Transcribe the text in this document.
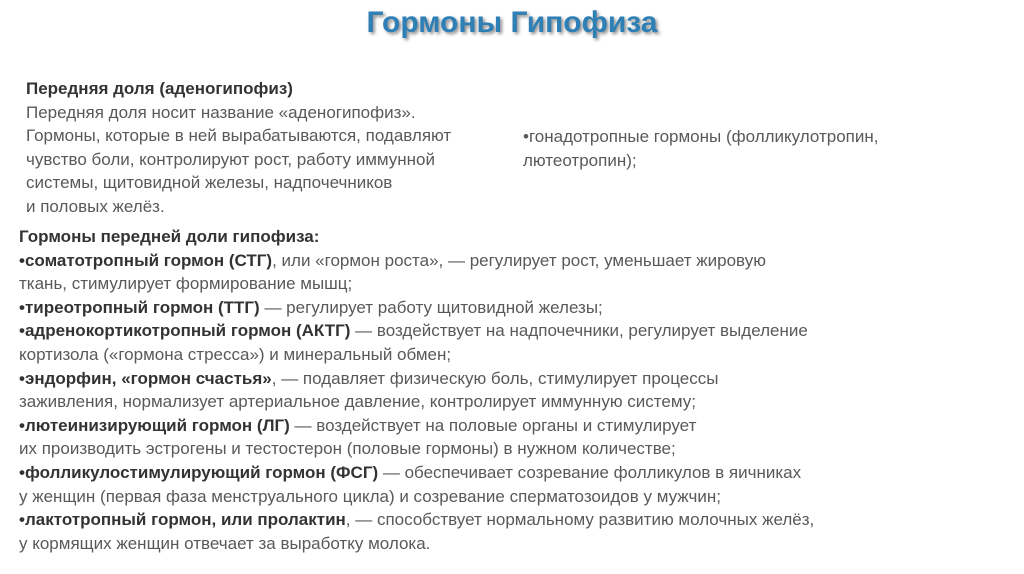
Гормоны Гипофиза
Передняя доля (аденогипофиз)
Передняя доля носит название «аденогипофиз».
Гормоны, которые в ней вырабатываются, подавляют
чувство боли, контролируют рост, работу иммунной
системы, щитовидной железы, надпочечников
и половых желёз.
•гонадотропные гормоны (фолликулотропин,
лютеотропин);
Гормоны передней доли гипофиза:
•соматотропный гормон (СТГ), или «гормон роста», — регулирует рост, уменьшает жировую
ткань, стимулирует формирование мышц;
•тиреотропный гормон (ТТГ) — регулирует работу щитовидной железы;
•адренокортикотропный гормон (АКТГ) — воздействует на надпочечники, регулирует выделение
кортизола («гормона стресса») и минеральный обмен;
•эндорфин, «гормон счастья», — подавляет физическую боль, стимулирует процессы
заживления, нормализует артериальное давление, контролирует иммунную систему;
•лютеинизирующий гормон (ЛГ) — воздействует на половые органы и стимулирует
их производить эстрогены и тестостерон (половые гормоны) в нужном количестве;
•фолликулостимулирующий гормон (ФСГ) — обеспечивает созревание фолликулов в яичниках
у женщин (первая фаза менструального цикла) и созревание сперматозоидов у мужчин;
•лактотропный гормон, или пролактин, — способствует нормальному развитию молочных желёз,
у кормящих женщин отвечает за выработку молока.
